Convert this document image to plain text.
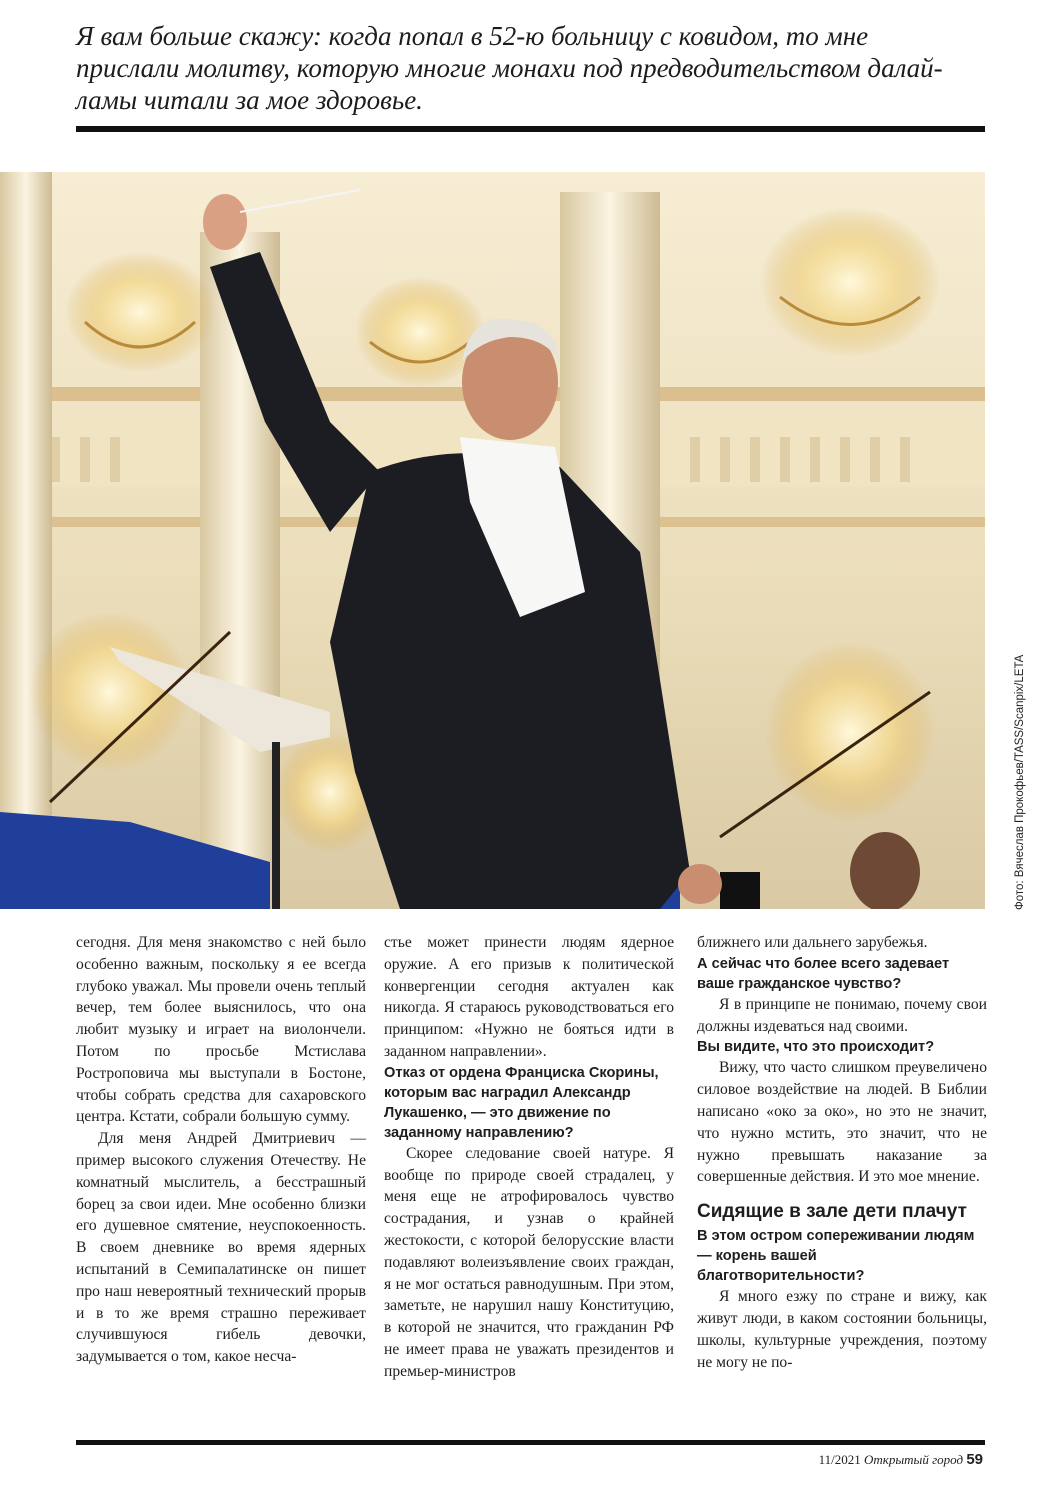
Я вам больше скажу: когда попал в 52-ю больницу с ковидом, то мне прислали молитву, которую многие монахи под предводительством далай-ламы читали за мое здоровье.
Фото: Вячеслав Прокофьев/TASS/Scanpix/LETA

сегодня. Для меня знакомство с ней было особенно важным, поскольку я ее всегда глубоко уважал. Мы провели очень теплый вечер, тем более выяснилось, что она любит музыку и играет на виолончели. Потом по просьбе Мстислава Ростроповича мы выступали в Бостоне, чтобы собрать средства для сахаровского центра. Кстати, собрали большую сумму.

Для меня Андрей Дмитриевич — пример высокого служения Отечеству. Не комнатный мыслитель, а бесстрашный борец за свои идеи. Мне особенно близки его душевное смятение, неуспокоенность. В своем дневнике во время ядерных испытаний в Семипалатинске он пишет про наш невероятный технический прорыв и в то же время страшно переживает случившуюся гибель девочки, задумывается о том, какое несча-

стье может принести людям ядерное оружие. А его призыв к политической конвергенции сегодня актуален как никогда. Я стараюсь руководствоваться его принципом: «Нужно не бояться идти в заданном направлении».

Отказ от ордена Франциска Скорины, которым вас наградил Александр Лукашенко, — это движение по заданному направлению?

Скорее следование своей натуре. Я вообще по природе своей страдалец, у меня еще не атрофировалось чувство сострадания, и узнав о крайней жестокости, с которой белорусские власти подавляют волеизъявление своих граждан, я не мог остаться равнодушным. При этом, заметьте, не нарушил нашу Конституцию, в которой не значится, что гражданин РФ не имеет права не уважать президентов и премьер-министров

ближнего или дальнего зарубежья.

А сейчас что более всего задевает ваше гражданское чувство?

Я в принципе не понимаю, почему свои должны издеваться над своими.

Вы видите, что это происходит?

Вижу, что часто слишком преувеличено силовое воздействие на людей. В Библии написано «око за око», но это не значит, что нужно мстить, это значит, что не нужно превышать наказание за совершенные действия. И это мое мнение.

Сидящие в зале дети плачут

В этом остром сопереживании людям — корень вашей благотворительности?

Я много езжу по стране и вижу, как живут люди, в каком состоянии больницы, школы, культурные учреждения, поэтому не могу не по-

11/2021 Открытый город 59
